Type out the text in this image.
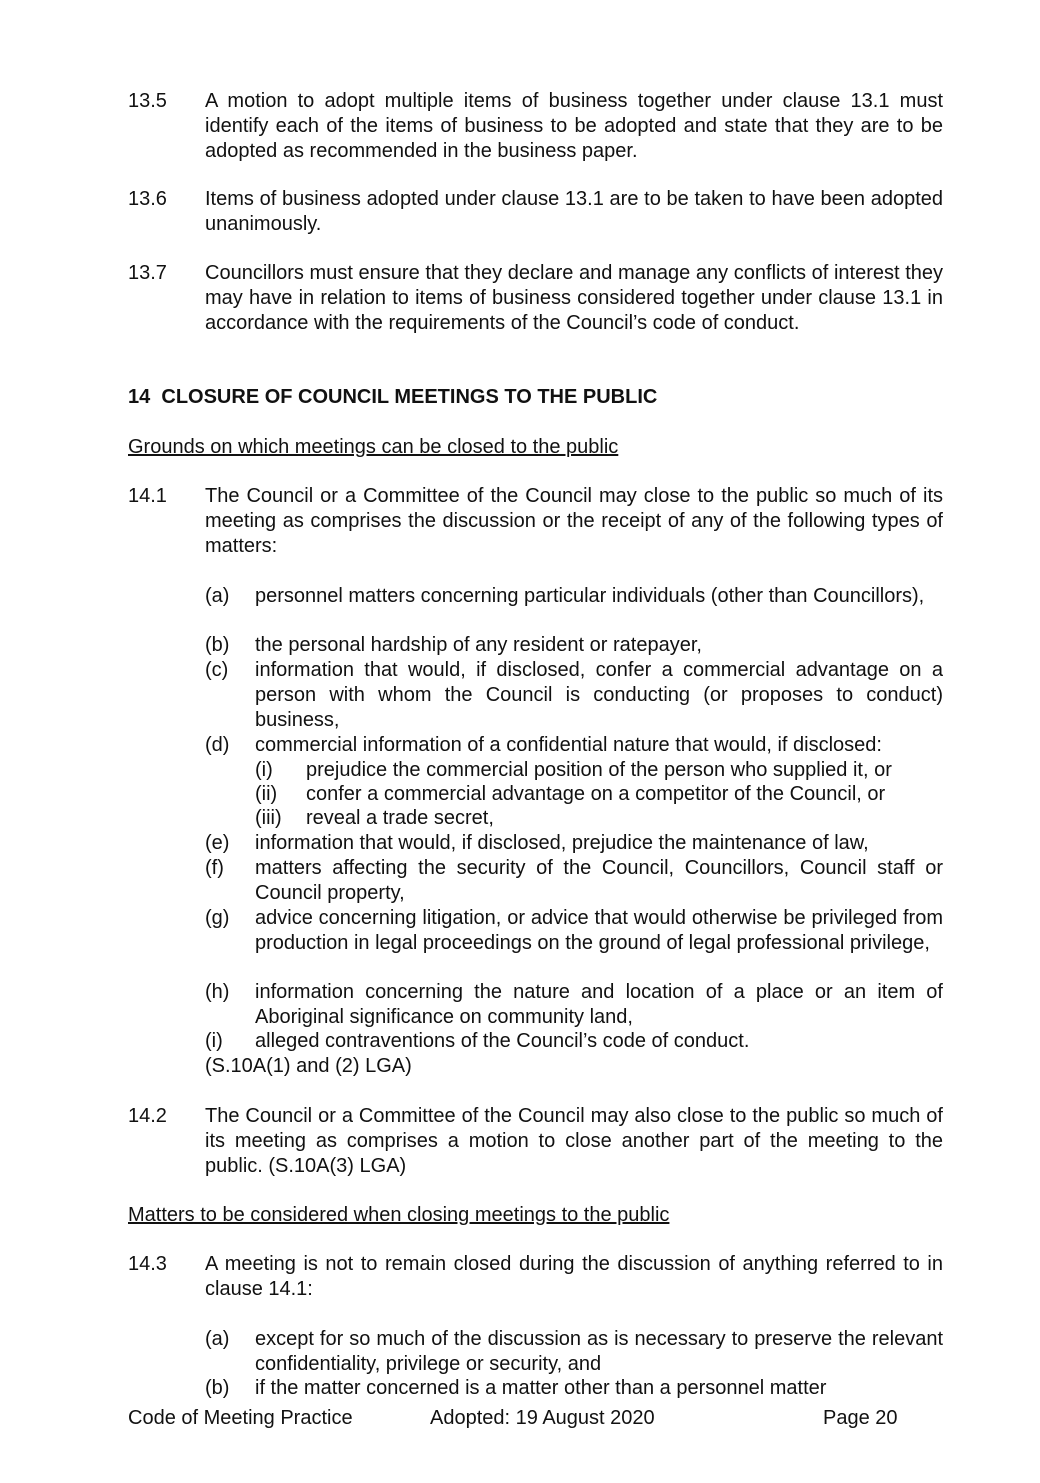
13.5 A motion to adopt multiple items of business together under clause 13.1 must identify each of the items of business to be adopted and state that they are to be adopted as recommended in the business paper.
13.6 Items of business adopted under clause 13.1 are to be taken to have been adopted unanimously.
13.7 Councillors must ensure that they declare and manage any conflicts of interest they may have in relation to items of business considered together under clause 13.1 in accordance with the requirements of the Council’s code of conduct.
14 CLOSURE OF COUNCIL MEETINGS TO THE PUBLIC
Grounds on which meetings can be closed to the public
14.1 The Council or a Committee of the Council may close to the public so much of its meeting as comprises the discussion or the receipt of any of the following types of matters:
(a) personnel matters concerning particular individuals (other than Councillors),
(b) the personal hardship of any resident or ratepayer,
(c) information that would, if disclosed, confer a commercial advantage on a person with whom the Council is conducting (or proposes to conduct) business,
(d) commercial information of a confidential nature that would, if disclosed:
(i) prejudice the commercial position of the person who supplied it, or
(ii) confer a commercial advantage on a competitor of the Council, or
(iii) reveal a trade secret,
(e) information that would, if disclosed, prejudice the maintenance of law,
(f) matters affecting the security of the Council, Councillors, Council staff or Council property,
(g) advice concerning litigation, or advice that would otherwise be privileged from production in legal proceedings on the ground of legal professional privilege,
(h) information concerning the nature and location of a place or an item of Aboriginal significance on community land,
(i) alleged contraventions of the Council’s code of conduct.
(S.10A(1) and (2) LGA)
14.2 The Council or a Committee of the Council may also close to the public so much of its meeting as comprises a motion to close another part of the meeting to the public. (S.10A(3) LGA)
Matters to be considered when closing meetings to the public
14.3 A meeting is not to remain closed during the discussion of anything referred to in clause 14.1:
(a) except for so much of the discussion as is necessary to preserve the relevant confidentiality, privilege or security, and
(b) if the matter concerned is a matter other than a personnel matter
Code of Meeting Practice	Adopted: 19 August 2020	Page 20
